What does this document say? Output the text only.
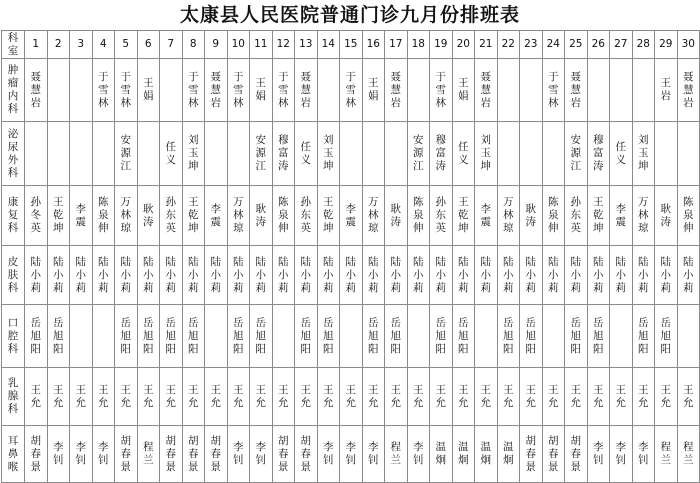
太康县人民医院普通门诊九月份排班表
科室	1	2	3	4	5	6	7	8	9	10	11	12	13	14	15	16	17	18	19	20	21	22	23	24	25	26	27	28	29	30
肿瘤内科	聂慧岩			于雪林	于雪林	王娟		于雪林	聂慧岩	于雪林	王娟	于雪林	聂慧岩		于雪林	王娟	聂慧岩		于雪林	王娟	聂慧岩			于雪林	聂慧岩				王岩	聂慧岩
泌尿外科					安源江		任义	刘玉坤			安源江	穆富涛	任义	刘玉坤				安源江	穆富涛	任义	刘玉坤				安源江	穆富涛	任义	刘玉坤		
康复科	孙冬英	王乾坤	李震	陈泉伸	万林琼	耿涛	孙东英	王乾坤	李震	万林琼	耿涛	陈泉伸	孙东英	王乾坤	李震	万林琼	耿涛	陈泉伸	孙东英	王乾坤	李震	万林琼	耿涛	陈泉伸	孙东英	王乾坤	李震	万林琼	耿涛	陈泉伸
皮肤科	陆小莉	陆小莉	陆小莉	陆小莉	陆小莉	陆小莉	陆小莉	陆小莉	陆小莉	陆小莉	陆小莉	陆小莉	陆小莉	陆小莉	陆小莉	陆小莉	陆小莉	陆小莉	陆小莉	陆小莉	陆小莉	陆小莉	陆小莉	陆小莉	陆小莉	陆小莉	陆小莉	陆小莉	陆小莉	陆小莉
口腔科	岳旭阳	岳旭阳			岳旭阳	岳旭阳	岳旭阳	岳旭阳		岳旭阳	岳旭阳		岳旭阳	岳旭阳		岳旭阳	岳旭阳		岳旭阳	岳旭阳		岳旭阳	岳旭阳		岳旭阳	岳旭阳		岳旭阳	岳旭阳	
乳腺科	王允	王允	王允	王允	王允	王允	王允	王允	王允	王允	王允	王允	王允	王允	王允	王允	王允	王允	王允	王允	王允	王允	王允	王允	王允	王允	王允	王允	王允	王允
耳鼻喉	胡春景	李钊	李钊	李钊	胡春景	程兰	胡春景	胡春景	胡春景	李钊	李钊	胡春景	胡春景	李钊	李钊	李钊	程兰	李钊	温炯	温炯	温炯	温炯	胡春景	胡春景	胡春景	李钊	李钊	李钊	程兰	程兰
